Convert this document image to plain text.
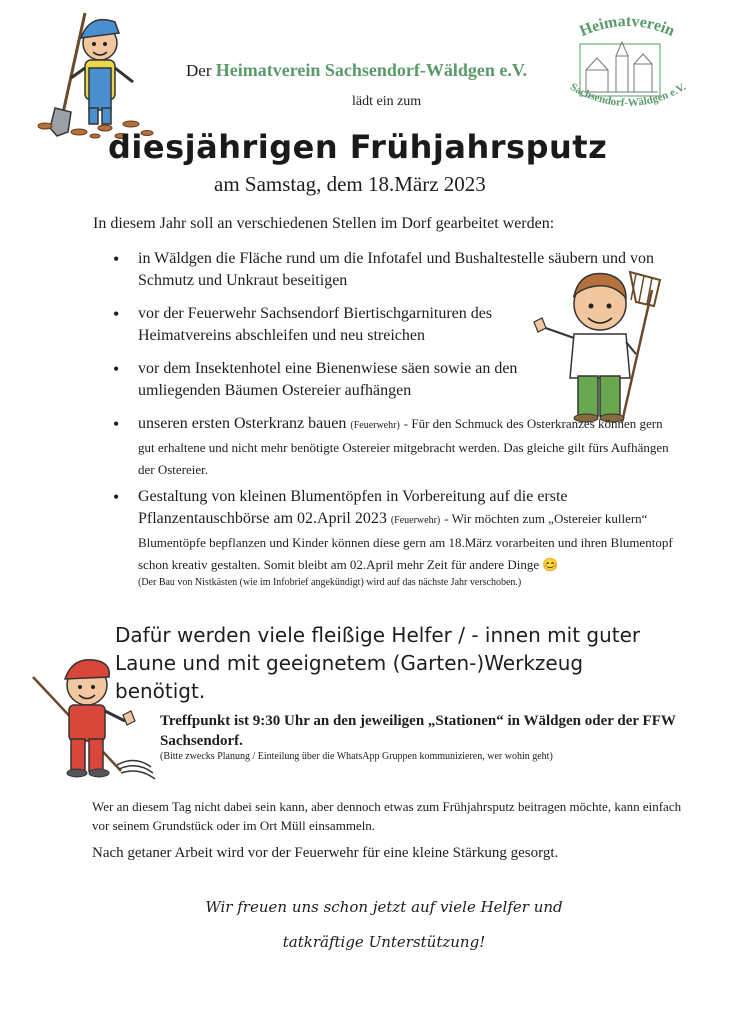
Der Heimatverein Sachsendorf-Wäldgen e.V.
lädt ein zum
Heimatverein
Sachsendorf-Wäldgen e.V.
diesjährigen Frühjahrsputz
am Samstag, dem 18.März 2023
In diesem Jahr soll an verschiedenen Stellen im Dorf gearbeitet werden:
• in Wäldgen die Fläche rund um die Infotafel und Bushaltestelle säubern und von Schmutz und Unkraut beseitigen
• vor der Feuerwehr Sachsendorf Biertischgarnituren des Heimatvereins abschleifen und neu streichen
• vor dem Insektenhotel eine Bienenwiese säen sowie an den umliegenden Bäumen Ostereier aufhängen
• unseren ersten Osterkranz bauen (Feuerwehr) - Für den Schmuck des Osterkranzes können gern gut erhaltene und nicht mehr benötigte Ostereier mitgebracht werden. Das gleiche gilt fürs Aufhängen der Ostereier.
• Gestaltung von kleinen Blumentöpfen in Vorbereitung auf die erste Pflanzentauschbörse am 02.April 2023 (Feuerwehr) - Wir möchten zum „Ostereier kullern“ Blumentöpfe bepflanzen und Kinder können diese gern am 18.März vorarbeiten und ihren Blumentopf schon kreativ gestalten. Somit bleibt am 02.April mehr Zeit für andere Dinge 😊
(Der Bau von Nistkästen (wie im Infobrief angekündigt) wird auf das nächste Jahr verschoben.)
Dafür werden viele fleißige Helfer / - innen mit guter Laune und mit geeignetem (Garten-)Werkzeug benötigt.
Treffpunkt ist 9:30 Uhr an den jeweiligen „Stationen“ in Wäldgen oder der FFW Sachsendorf.
(Bitte zwecks Planung / Einteilung über die WhatsApp Gruppen kommunizieren, wer wohin geht)
Wer an diesem Tag nicht dabei sein kann, aber dennoch etwas zum Frühjahrsputz beitragen möchte, kann einfach vor seinem Grundstück oder im Ort Müll einsammeln.
Nach getaner Arbeit wird vor der Feuerwehr für eine kleine Stärkung gesorgt.
Wir freuen uns schon jetzt auf viele Helfer und
tatkräftige Unterstützung!
